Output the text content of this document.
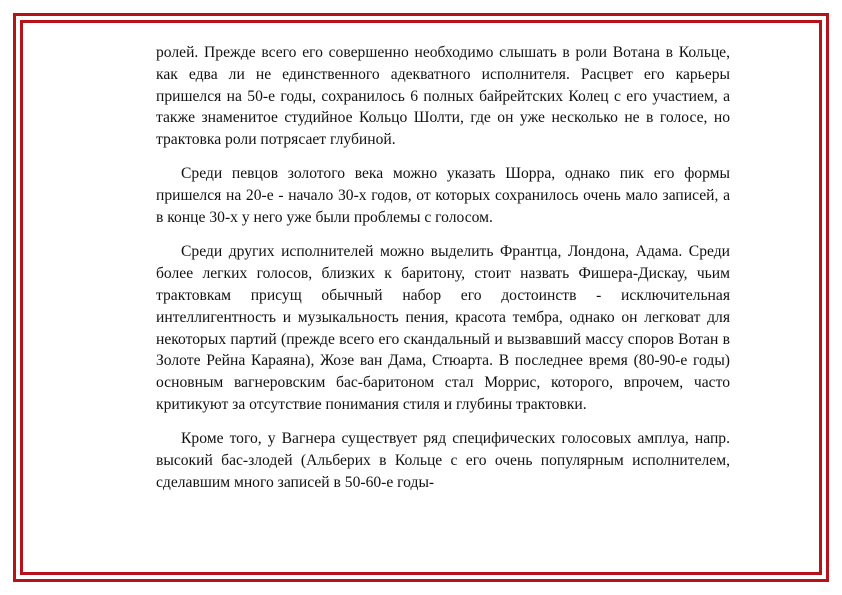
ролей. Прежде всего его совершенно необходимо слышать в роли Вотана в Кольце, как едва ли не единственного адекватного исполнителя. Расцвет его карьеры пришелся на 50-е годы, сохранилось 6 полных байрейтских Колец с его участием, а также знаменитое студийное Кольцо Шолти, где он уже несколько не в голосе, но трактовка роли потрясает глубиной.

Среди певцов золотого века можно указать Шорра, однако пик его формы пришелся на 20-е - начало 30-х годов, от которых сохранилось очень мало записей, а в конце 30-х у него уже были проблемы с голосом.

Среди других исполнителей можно выделить Франтца, Лондона, Адама. Среди более легких голосов, близких к баритону, стоит назвать Фишера-Дискау, чьим трактовкам присущ обычный набор его достоинств - исключительная интеллигентность и музыкальность пения, красота тембра, однако он легковат для некоторых партий (прежде всего его скандальный и вызвавший массу споров Вотан в Золоте Рейна Караяна), Жозе ван Дама, Стюарта. В последнее время (80-90-е годы) основным вагнеровским бас-баритоном стал Моррис, которого, впрочем, часто критикуют за отсутствие понимания стиля и глубины трактовки.

Кроме того, у Вагнера существует ряд специфических голосовых амплуа, напр. высокий бас-злодей (Альберих в Кольце с его очень популярным исполнителем, сделавшим много записей в 50-60-е годы-
